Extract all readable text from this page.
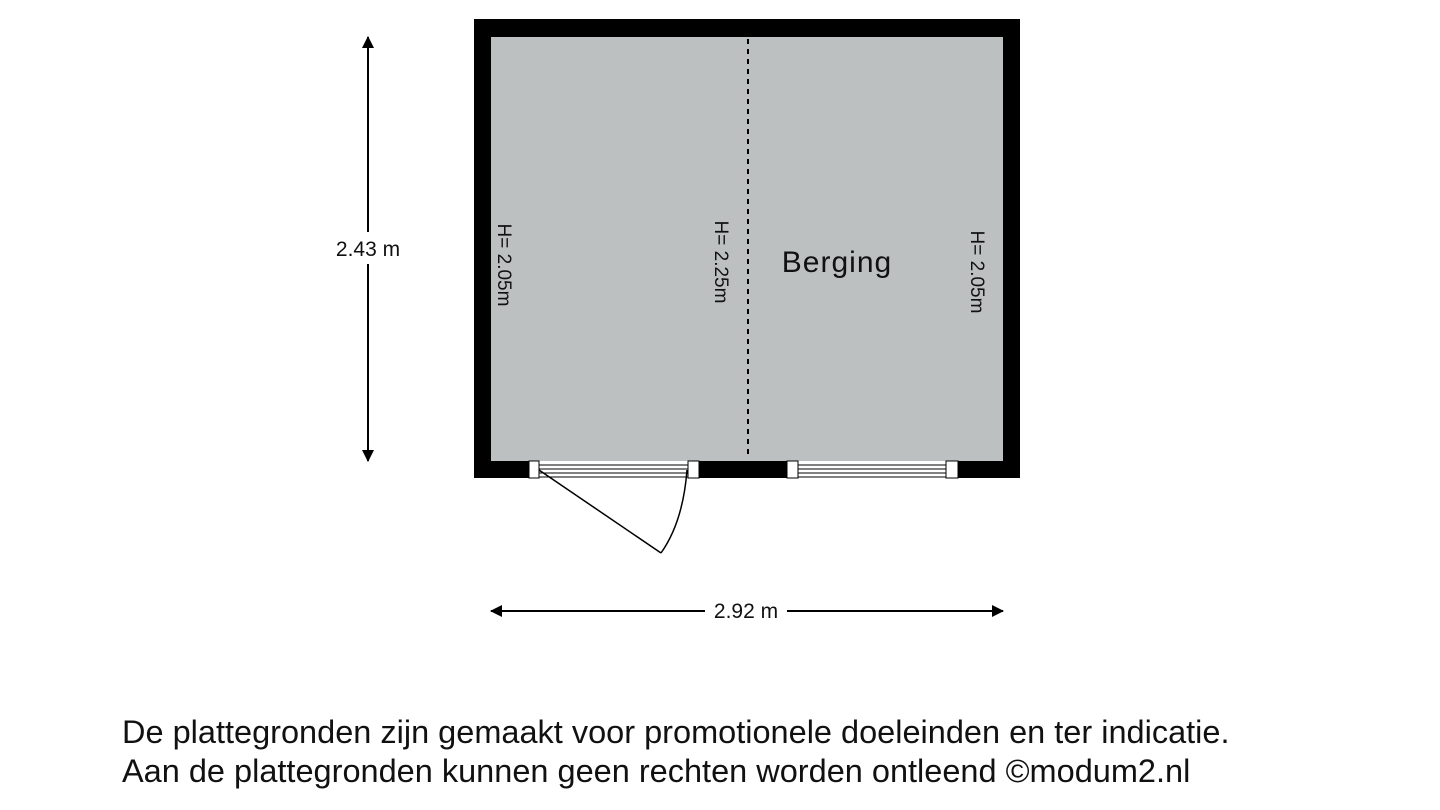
Berging
H= 2.05m	H= 2.25m	H= 2.05m
2.43 m
2.92 m
De plattegronden zijn gemaakt voor promotionele doeleinden en ter indicatie.
Aan de plattegronden kunnen geen rechten worden ontleend ©modum2.nl
